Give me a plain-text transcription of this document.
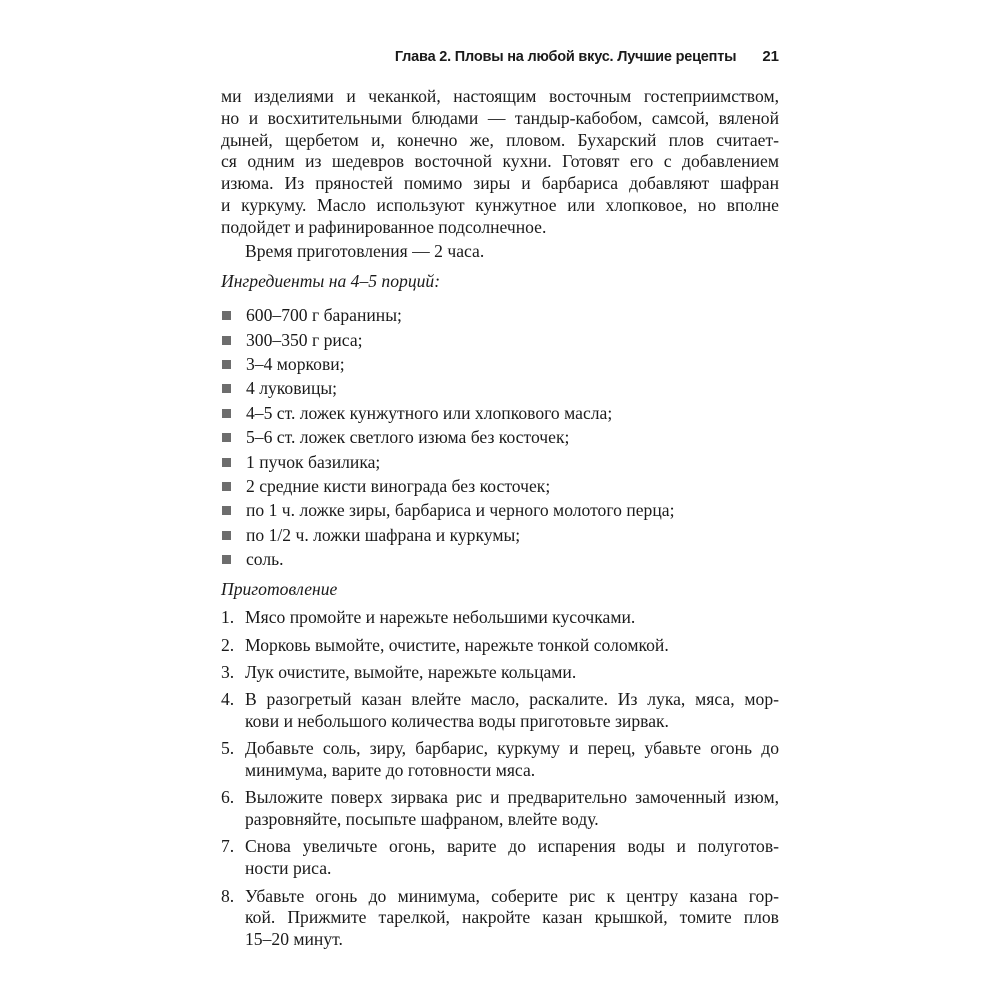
Глава 2. Пловы на любой вкус. Лучшие рецепты 21

ми изделиями и чеканкой, настоящим восточным гостеприимством,
но и восхитительными блюдами — тандыр-кабобом, самсой, вяленой
дыней, щербетом и, конечно же, пловом. Бухарский плов считает-
ся одним из шедевров восточной кухни. Готовят его с добавлением
изюма. Из пряностей помимо зиры и барбариса добавляют шафран
и куркуму. Масло используют кунжутное или хлопковое, но вполне
подойдет и рафинированное подсолнечное.

Время приготовления — 2 часа.

Ингредиенты на 4–5 порций:
600–700 г баранины;
300–350 г риса;
3–4 моркови;
4 луковицы;
4–5 ст. ложек кунжутного или хлопкового масла;
5–6 ст. ложек светлого изюма без косточек;
1 пучок базилика;
2 средние кисти винограда без косточек;
по 1 ч. ложке зиры, барбариса и черного молотого перца;
по 1/2 ч. ложки шафрана и куркумы;
соль.
Приготовление
1. Мясо промойте и нарежьте небольшими кусочками.
2. Морковь вымойте, очистите, нарежьте тонкой соломкой.
3. Лук очистите, вымойте, нарежьте кольцами.
4. В разогретый казан влейте масло, раскалите. Из лука, мяса, мор-
кови и небольшого количества воды приготовьте зирвак.
5. Добавьте соль, зиру, барбарис, куркуму и перец, убавьте огонь до
минимума, варите до готовности мяса.
6. Выложите поверх зирвака рис и предварительно замоченный изюм,
разровняйте, посыпьте шафраном, влейте воду.
7. Снова увеличьте огонь, варите до испарения воды и полуготов-
ности риса.
8. Убавьте огонь до минимума, соберите рис к центру казана гор-
кой. Прижмите тарелкой, накройте казан крышкой, томите плов
15–20 минут.
